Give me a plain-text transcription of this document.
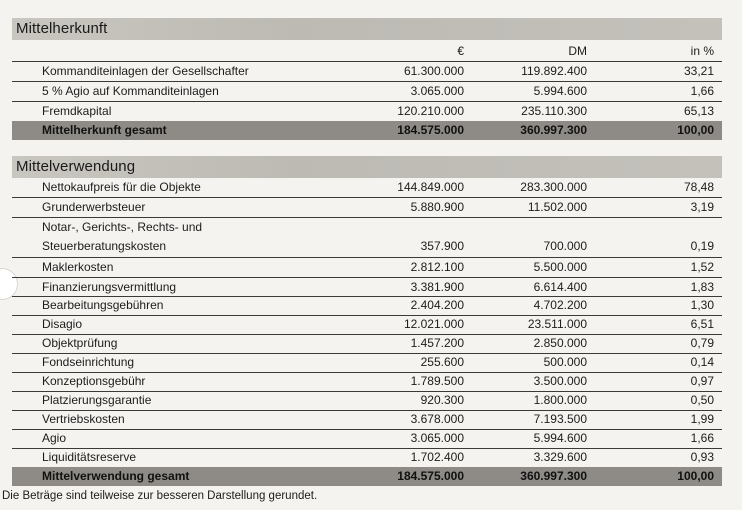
Mittelherkunft
€	DM	in %
Kommanditeinlagen der Gesellschafter	61.300.000	119.892.400	33,21
5 % Agio auf Kommanditeinlagen	3.065.000	5.994.600	1,66
Fremdkapital	120.210.000	235.110.300	65,13
Mittelherkunft gesamt	184.575.000	360.997.300	100,00
Mittelverwendung
Nettokaufpreis für die Objekte	144.849.000	283.300.000	78,48
Grunderwerbsteuer	5.880.900	11.502.000	3,19
Notar-, Gerichts-, Rechts- und
Steuerberatungskosten	357.900	700.000	0,19
Maklerkosten	2.812.100	5.500.000	1,52
Finanzierungsvermittlung	3.381.900	6.614.400	1,83
Bearbeitungsgebühren	2.404.200	4.702.200	1,30
Disagio	12.021.000	23.511.000	6,51
Objektprüfung	1.457.200	2.850.000	0,79
Fondseinrichtung	255.600	500.000	0,14
Konzeptionsgebühr	1.789.500	3.500.000	0,97
Platzierungsgarantie	920.300	1.800.000	0,50
Vertriebskosten	3.678.000	7.193.500	1,99
Agio	3.065.000	5.994.600	1,66
Liquiditätsreserve	1.702.400	3.329.600	0,93
Mittelverwendung gesamt	184.575.000	360.997.300	100,00
Die Beträge sind teilweise zur besseren Darstellung gerundet.
